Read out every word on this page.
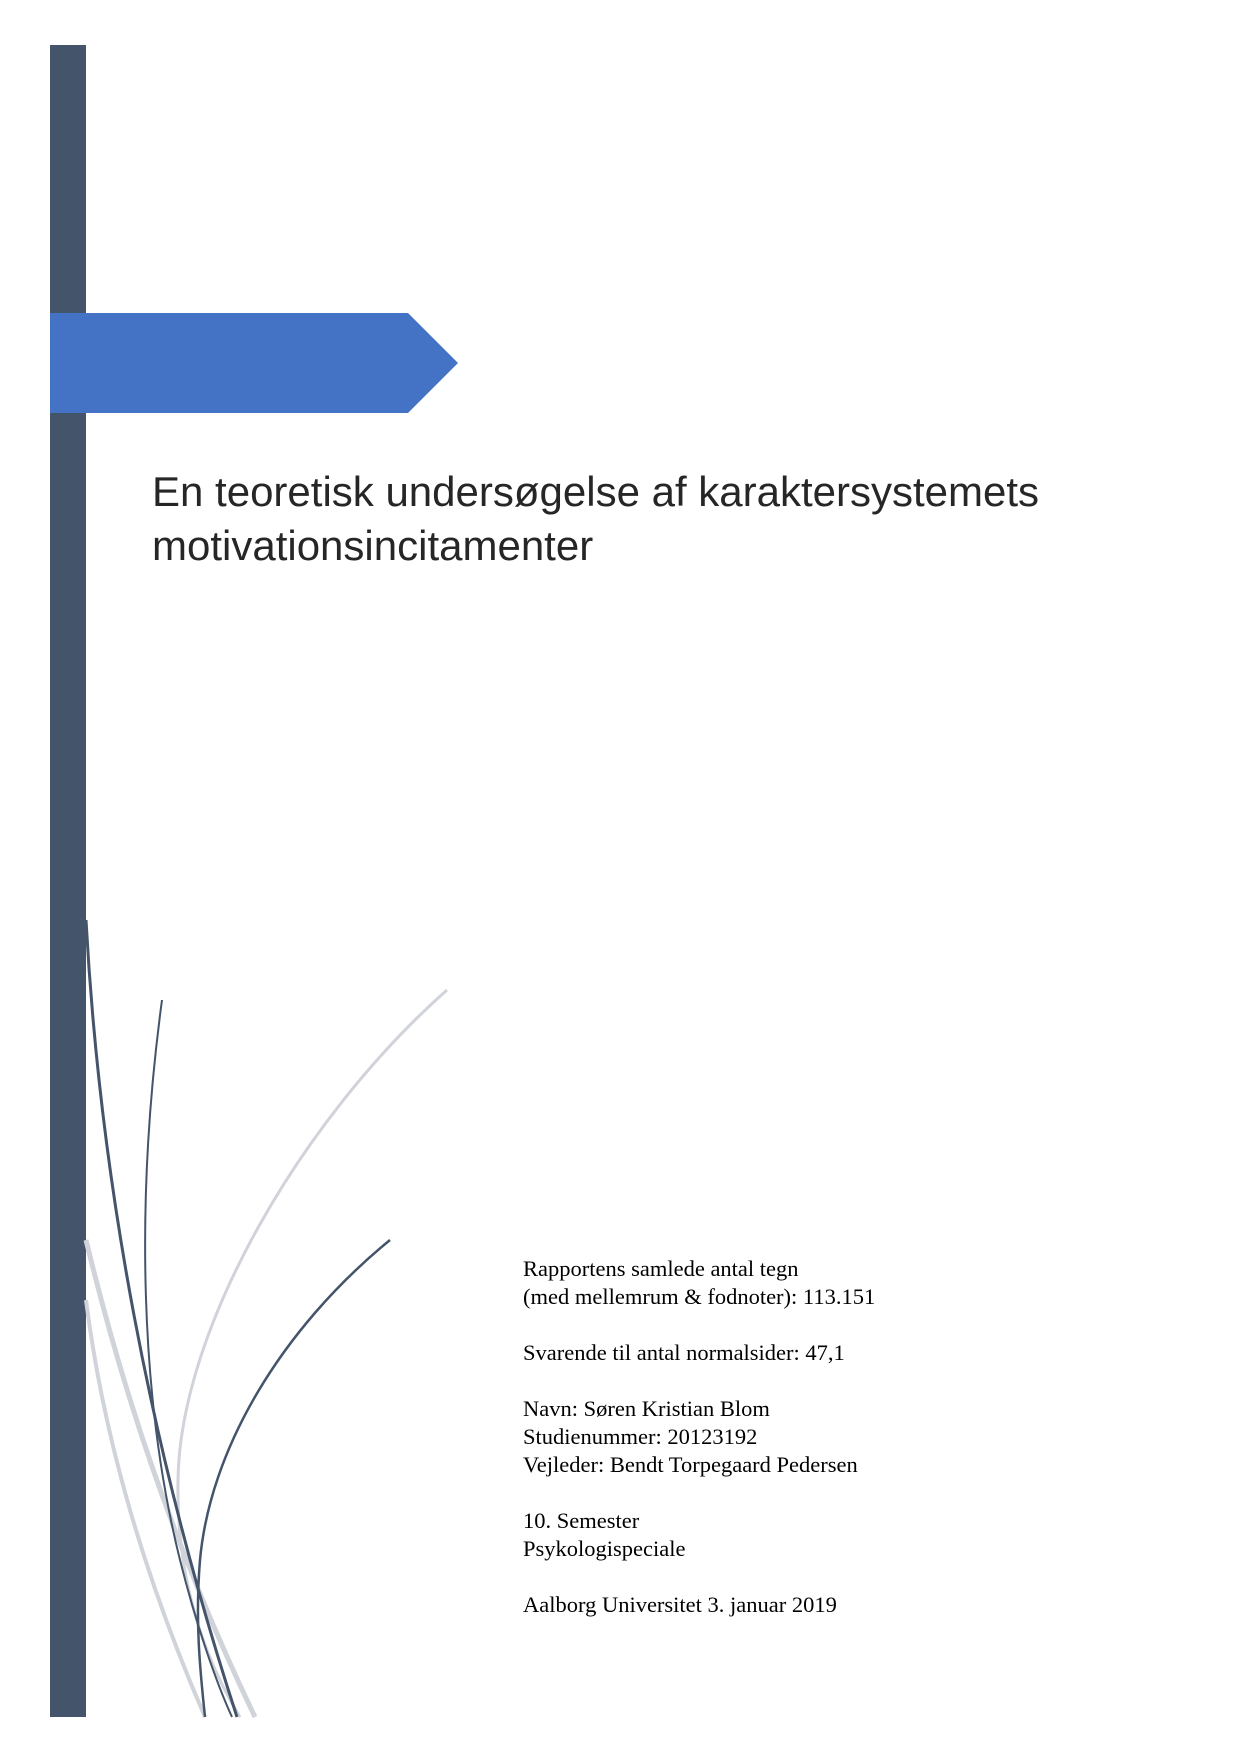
En teoretisk undersøgelse af karaktersystemets
motivationsincitamenter
Rapportens samlede antal tegn
(med mellemrum & fodnoter): 113.151
Svarende til antal normalsider: 47,1
Navn: Søren Kristian Blom
Studienummer: 20123192
Vejleder: Bendt Torpegaard Pedersen
10. Semester
Psykologispeciale
Aalborg Universitet 3. januar 2019
